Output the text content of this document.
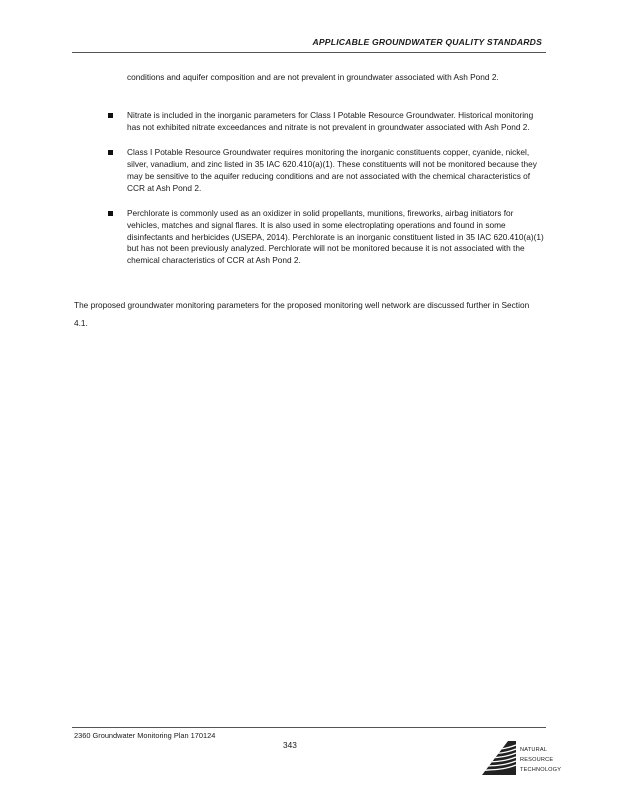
APPLICABLE GROUNDWATER QUALITY STANDARDS

conditions and aquifer composition and are not prevalent in groundwater associated with Ash Pond 2.

Nitrate is included in the inorganic parameters for Class I Potable Resource Groundwater. Historical monitoring has not exhibited nitrate exceedances and nitrate is not prevalent in groundwater associated with Ash Pond 2.
Class I Potable Resource Groundwater requires monitoring the inorganic constituents copper, cyanide, nickel, silver, vanadium, and zinc listed in 35 IAC 620.410(a)(1). These constituents will not be monitored because they may be sensitive to the aquifer reducing conditions and are not associated with the chemical characteristics of CCR at Ash Pond 2.
Perchlorate is commonly used as an oxidizer in solid propellants, munitions, fireworks, airbag initiators for vehicles, matches and signal flares. It is also used in some electroplating operations and found in some disinfectants and herbicides (USEPA, 2014). Perchlorate is an inorganic constituent listed in 35 IAC 620.410(a)(1) but has not been previously analyzed. Perchlorate will not be monitored because it is not associated with the chemical characteristics of CCR at Ash Pond 2.

The proposed groundwater monitoring parameters for the proposed monitoring well network are discussed further in Section 4.1.

2360 Groundwater Monitoring Plan 170124
343	NATURAL
RESOURCE
TECHNOLOGY
